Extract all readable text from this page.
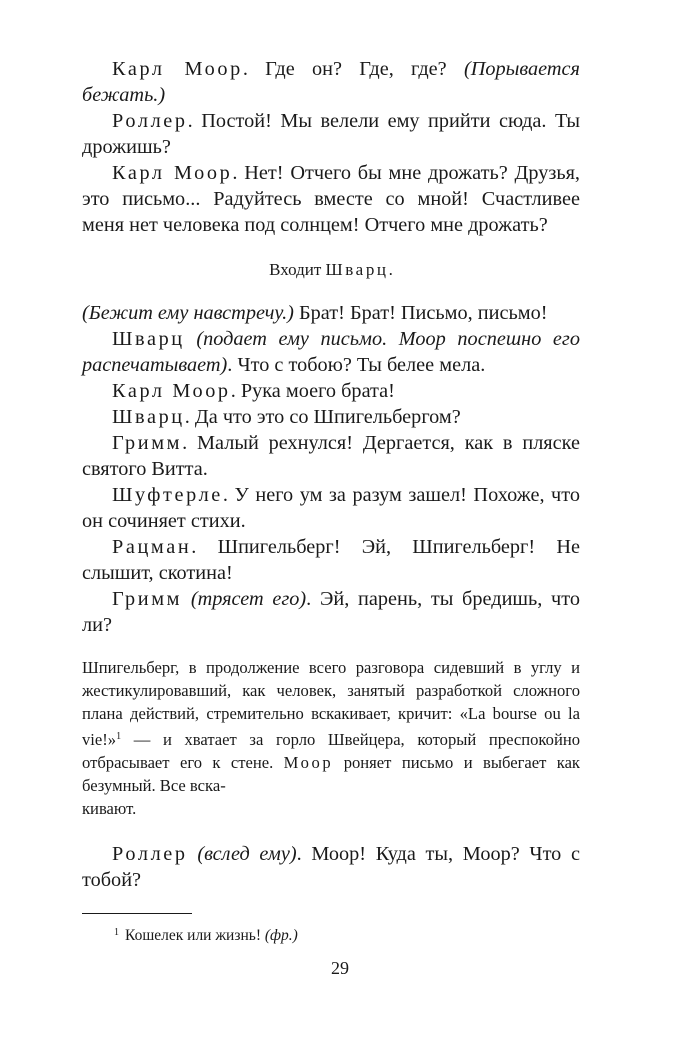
Карл Моор. Где он? Где, где? (Порывается бежать.)

Роллер. Постой! Мы велели ему прийти сюда. Ты дрожишь?

Карл Моор. Нет! Отчего бы мне дрожать? Друзья, это письмо... Радуйтесь вместе со мной! Счастливее меня нет человека под солнцем! Отчего мне дрожать?

Входит Шварц.

(Бежит ему навстречу.) Брат! Брат! Письмо, письмо!

Шварц (подает ему письмо. Моор поспешно его распечатывает). Что с тобою? Ты белее мела.

Карл Моор. Рука моего брата!

Шварц. Да что это со Шпигельбергом?

Гримм. Малый рехнулся! Дергается, как в пляске святого Витта.

Шуфтерле. У него ум за разум зашел! Похоже, что он сочиняет стихи.

Рацман. Шпигельберг! Эй, Шпигельберг! Не слышит, скотина!

Гримм (трясет его). Эй, парень, ты бредишь, что ли?

Шпигельберг, в продолжение всего разговора сидевший в углу и жестикулировавший, как человек, занятый разработкой сложного плана действий, стремительно вскакивает, кричит: «La bourse ou la vie!»$^1$ — и хватает за горло Швейцера, который преспокойно отбрасывает его к стене. Моор роняет письмо и выбегает как безумный. Все вска-
кивают.

Роллер (вслед ему). Моор! Куда ты, Моор? Что с тобой?

$^1$ Кошелек или жизнь! (фр.)

29
